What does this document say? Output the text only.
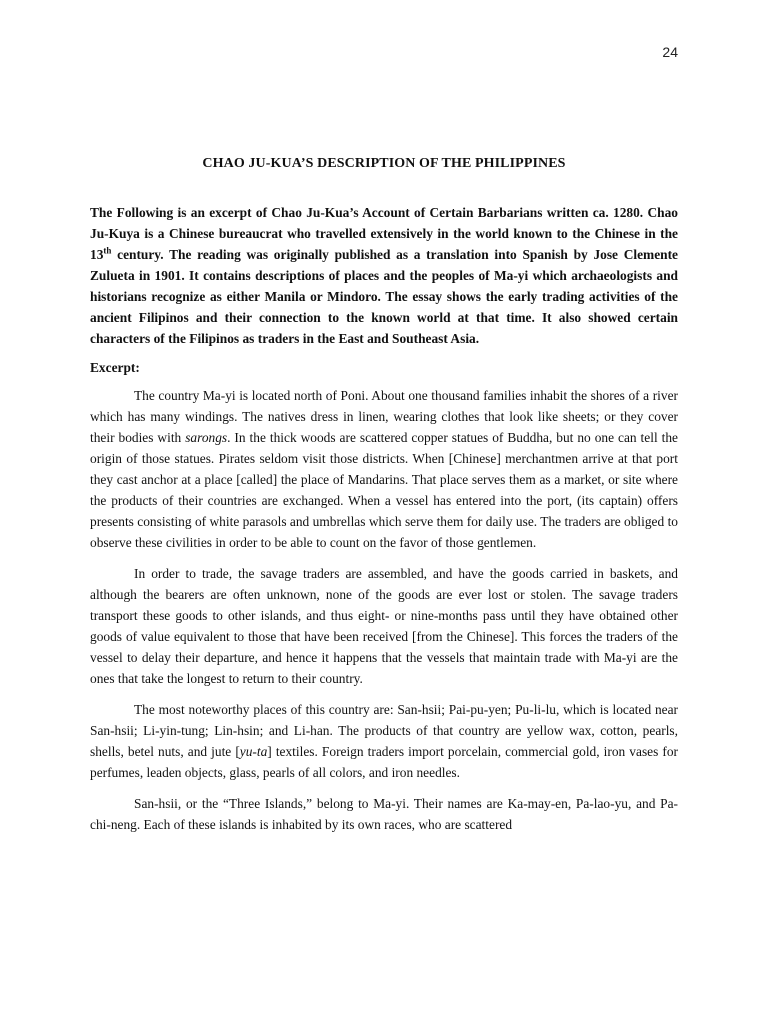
24
CHAO JU-KUA’S DESCRIPTION OF THE PHILIPPINES

The Following is an excerpt of Chao Ju-Kua’s Account of Certain Barbarians written ca. 1280. Chao Ju-Kuya is a Chinese bureaucrat who travelled extensively in the world known to the Chinese in the 13th century. The reading was originally published as a translation into Spanish by Jose Clemente Zulueta in 1901. It contains descriptions of places and the peoples of Ma-yi which archaeologists and historians recognize as either Manila or Mindoro. The essay shows the early trading activities of the ancient Filipinos and their connection to the known world at that time. It also showed certain characters of the Filipinos as traders in the East and Southeast Asia.

Excerpt:

The country Ma-yi is located north of Poni. About one thousand families inhabit the shores of a river which has many windings. The natives dress in linen, wearing clothes that look like sheets; or they cover their bodies with sarongs. In the thick woods are scattered copper statues of Buddha, but no one can tell the origin of those statues. Pirates seldom visit those districts. When [Chinese] merchantmen arrive at that port they cast anchor at a place [called] the place of Mandarins. That place serves them as a market, or site where the products of their countries are exchanged. When a vessel has entered into the port, (its captain) offers presents consisting of white parasols and umbrellas which serve them for daily use. The traders are obliged to observe these civilities in order to be able to count on the favor of those gentlemen.

In order to trade, the savage traders are assembled, and have the goods carried in baskets, and although the bearers are often unknown, none of the goods are ever lost or stolen. The savage traders transport these goods to other islands, and thus eight- or nine-months pass until they have obtained other goods of value equivalent to those that have been received [from the Chinese]. This forces the traders of the vessel to delay their departure, and hence it happens that the vessels that maintain trade with Ma-yi are the ones that take the longest to return to their country.

The most noteworthy places of this country are: San-hsii; Pai-pu-yen; Pu-li-lu, which is located near San-hsii; Li-yin-tung; Lin-hsin; and Li-han. The products of that country are yellow wax, cotton, pearls, shells, betel nuts, and jute [yu-ta] textiles. Foreign traders import porcelain, commercial gold, iron vases for perfumes, leaden objects, glass, pearls of all colors, and iron needles.

San-hsii, or the “Three Islands,” belong to Ma-yi. Their names are Ka-may-en, Pa-lao-yu, and Pa-chi-neng. Each of these islands is inhabited by its own races, who are scattered
